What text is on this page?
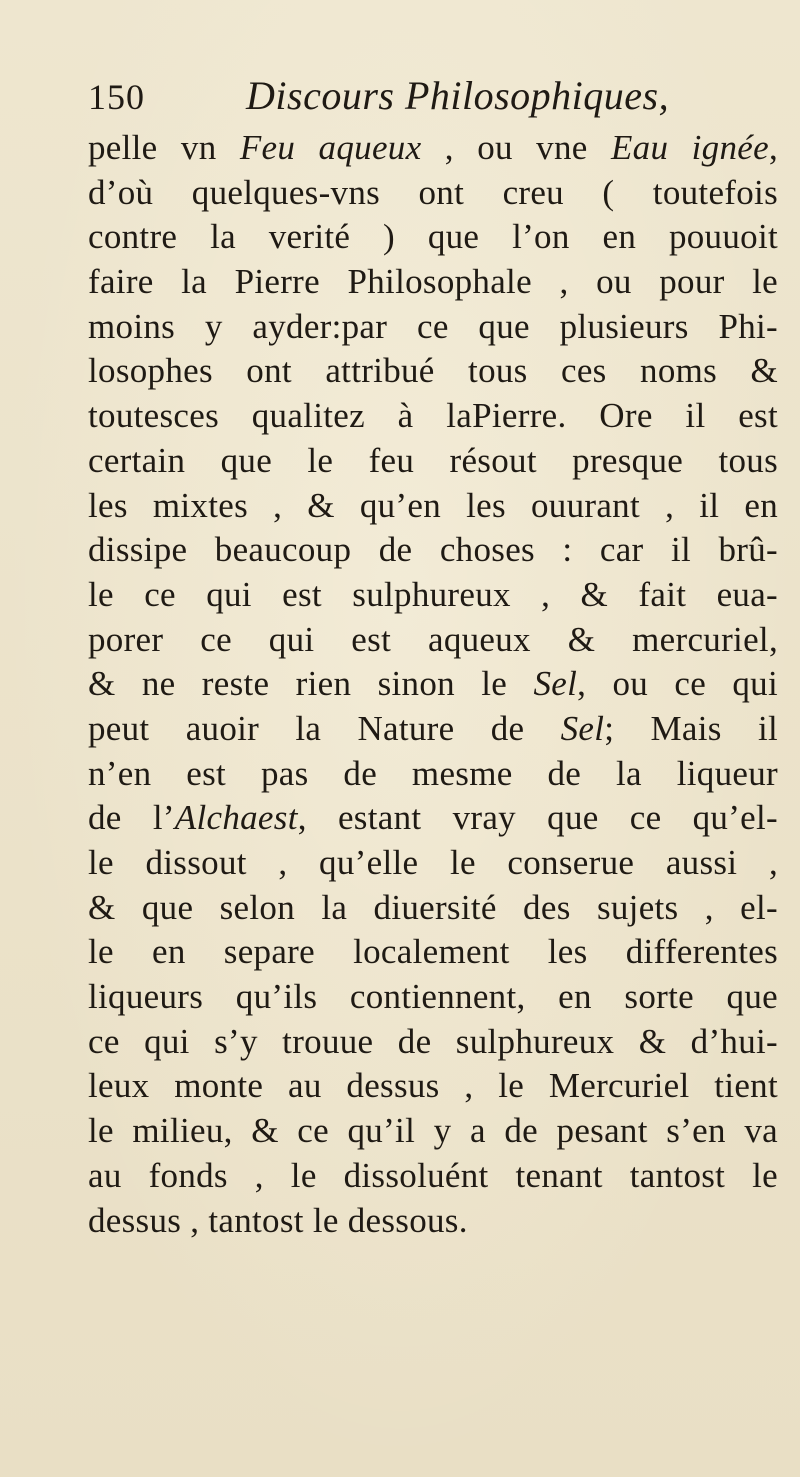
150	Discours Philosophiques,
pelle vn Feu aqueux , ou vne Eau ignée,
d’où quelques-vns ont creu ( toutefois
contre la verité ) que l’on en pouuoit
faire la Pierre Philosophale , ou pour le
moins y ayder:par ce que plusieurs Phi-
losophes ont attribué tous ces noms &
toutesces qualitez à laPierre. Ore il est
certain que le feu résout presque tous
les mixtes , & qu’en les ouurant , il en
dissipe beaucoup de choses : car il brû-
le ce qui est sulphureux , & fait eua-
porer ce qui est aqueux & mercuriel,
& ne reste rien sinon le Sel, ou ce qui
peut auoir la Nature de Sel; Mais il
n’en est pas de mesme de la liqueur
de l’Alchaest, estant vray que ce qu’el-
le dissout , qu’elle le conserue aussi ,
& que selon la diuersité des sujets , el-
le en separe localement les differentes
liqueurs qu’ils contiennent, en sorte que
ce qui s’y trouue de sulphureux & d’hui-
leux monte au dessus , le Mercuriel tient
le milieu, & ce qu’il y a de pesant s’en va
au fonds , le dissoluént tenant tantost le
dessus , tantost le dessous.
